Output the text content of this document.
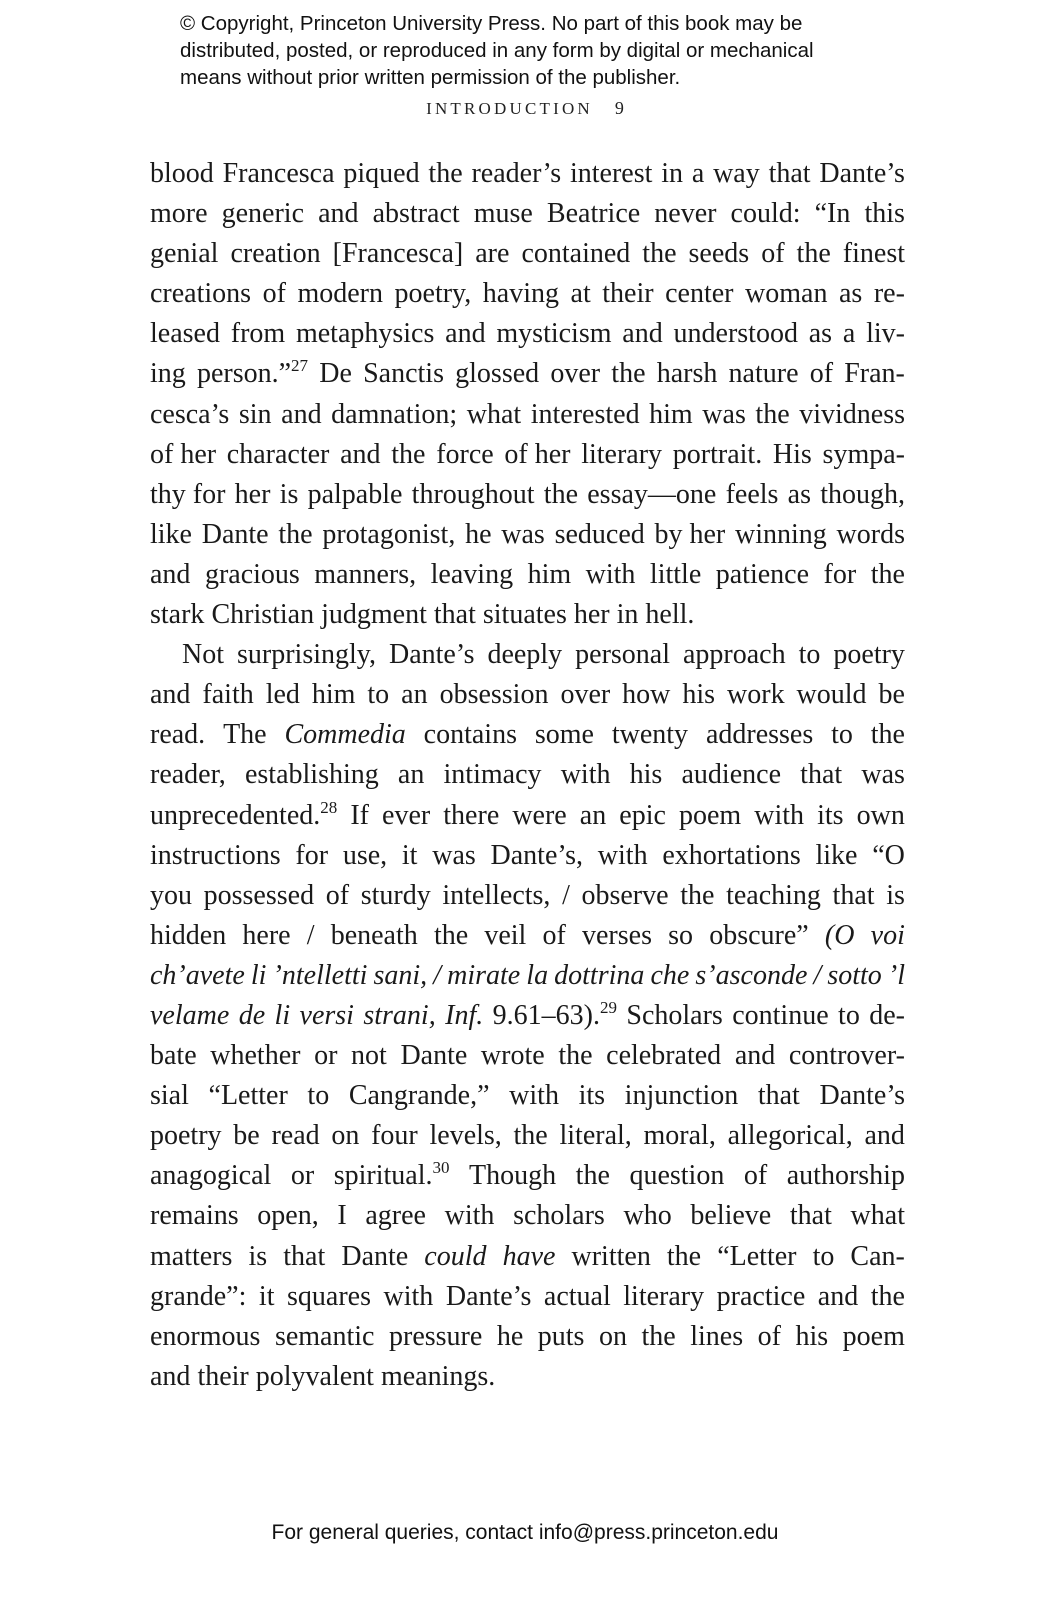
© Copyright, Princeton University Press. No part of this book may be
distributed, posted, or reproduced in any form by digital or mechanical
means without prior written permission of the publisher.
INTRODUCTION 9
blood Francesca piqued the reader’s interest in a way that Dante’s
more generic and abstract muse Beatrice never could: “In this
genial creation [Francesca] are contained the seeds of the finest
creations of modern poetry, having at their center woman as re-
leased from metaphysics and mysticism and understood as a liv-
ing person.”$^{27}$ De Sanctis glossed over the harsh nature of Fran-
cesca’s sin and damnation; what interested him was the vividness
of her character and the force of her literary portrait. His sympa-
thy for her is palpable throughout the essay—one feels as though,
like Dante the protagonist, he was seduced by her winning words
and gracious manners, leaving him with little patience for the
stark Christian judgment that situates her in hell.
Not surprisingly, Dante’s deeply personal approach to poetry
and faith led him to an obsession over how his work would be
read. The Commedia contains some twenty addresses to the
reader, establishing an intimacy with his audience that was
unprecedented.$^{28}$ If ever there were an epic poem with its own
instructions for use, it was Dante’s, with exhortations like “O
you possessed of sturdy intellects, / observe the teaching that is
hidden here / beneath the veil of verses so obscure” (O voi
ch’avete li ’ntelletti sani, / mirate la dottrina che s’asconde / sotto ’l
velame de li versi strani, Inf. 9.61–63).$^{29}$ Scholars continue to de-
bate whether or not Dante wrote the celebrated and controver-
sial “Letter to Cangrande,” with its injunction that Dante’s
poetry be read on four levels, the literal, moral, allegorical, and
anagogical or spiritual.$^{30}$ Though the question of authorship
remains open, I agree with scholars who believe that what
matters is that Dante could have written the “Letter to Can-
grande”: it squares with Dante’s actual literary practice and the
enormous semantic pressure he puts on the lines of his poem
and their polyvalent meanings.
For general queries, contact info@press.princeton.edu
